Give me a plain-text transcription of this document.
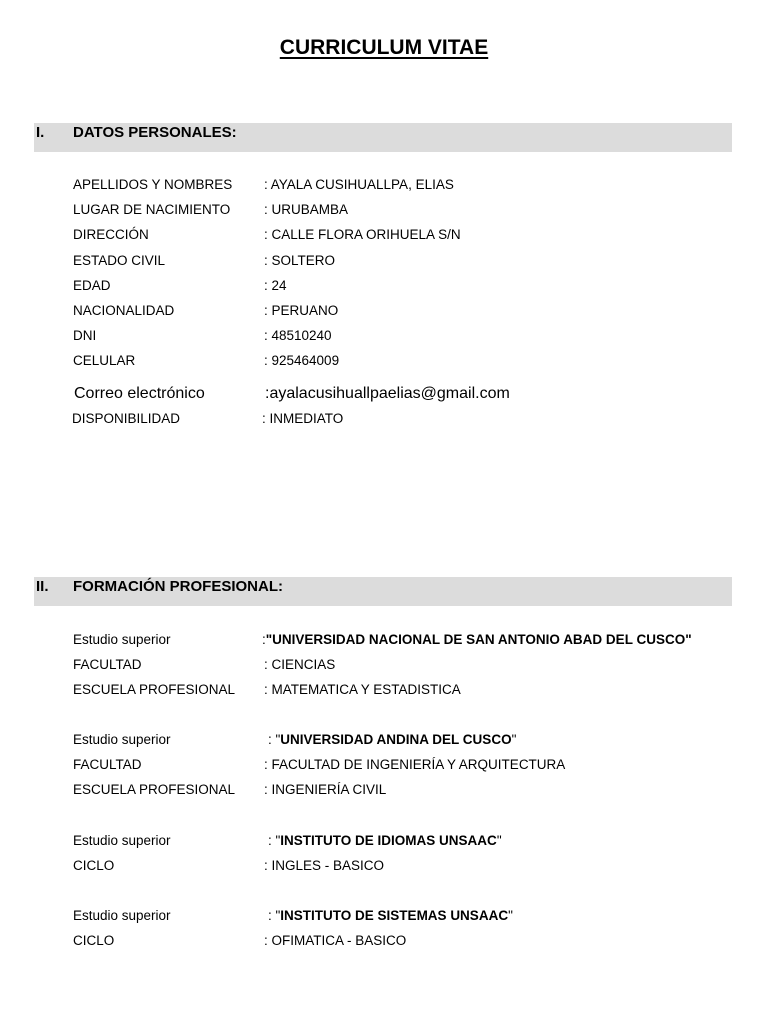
CURRICULUM VITAE
I. DATOS PERSONALES:
APELLIDOS Y NOMBRES : AYALA CUSIHUALLPA, ELIAS
LUGAR DE NACIMIENTO : URUBAMBA
DIRECCIÓN	: CALLE FLORA ORIHUELA S/N
ESTADO CIVIL	: SOLTERO
EDAD	: 24
NACIONALIDAD	: PERUANO
DNI	: 48510240
CELULAR	: 925464009
Correo electrónico	:ayalacusihuallpaelias@gmail.com
DISPONIBILIDAD	: INMEDIATO
II. FORMACIÓN PROFESIONAL:
Estudio superior	:"UNIVERSIDAD NACIONAL DE SAN ANTONIO ABAD DEL CUSCO"
FACULTAD	: CIENCIAS
ESCUELA PROFESIONAL : MATEMATICA Y ESTADISTICA
Estudio superior	: "UNIVERSIDAD ANDINA DEL CUSCO"
FACULTAD	: FACULTAD DE INGENIERÍA Y ARQUITECTURA
ESCUELA PROFESIONAL : INGENIERÍA CIVIL
Estudio superior	: "INSTITUTO DE IDIOMAS UNSAAC"
CICLO	: INGLES - BASICO
Estudio superior	: "INSTITUTO DE SISTEMAS UNSAAC"
CICLO	: OFIMATICA - BASICO
